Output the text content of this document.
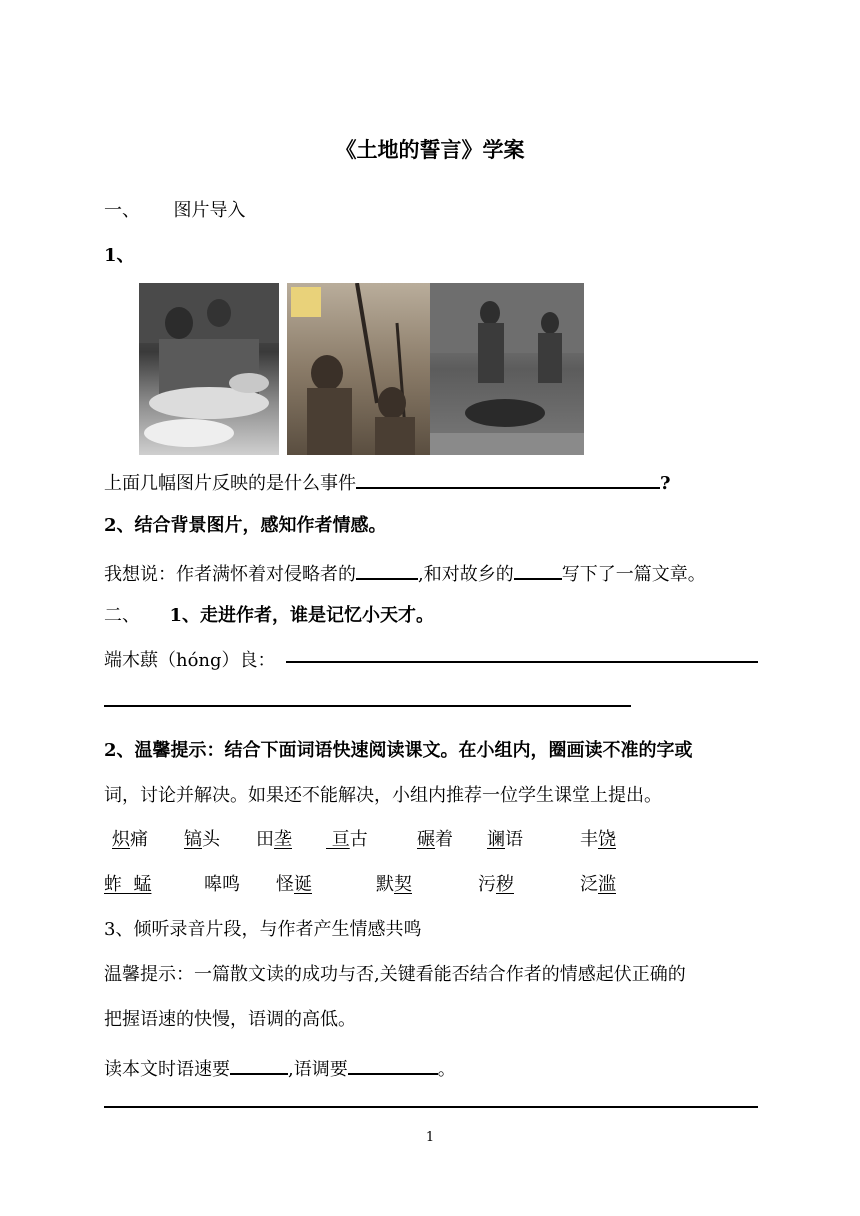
《土地的誓言》学案
一、 图片导入
1、
上面几幅图片反映的是什么事件	?
2、结合背景图片，感知作者情感。
我想说：作者满怀着对侵略者的	,和对故乡的	写下了一篇文章。
二、 1、走进作者，谁是记忆小天才。
端木蕻（hóng）良：
2、温馨提示：结合下面词语快速阅读课文。在小组内，圈画读不准的字或
词，讨论并解决。如果还不能解决，小组内推荐一位学生课堂上提出。
炽痛 镐头 田垄 亘古	碾着 谰语	丰饶
蚱  蜢	嗥鸣 怪诞	默契	污秽	泛滥
3、倾听录音片段，与作者产生情感共鸣
温馨提示：一篇散文读的成功与否,关键看能否结合作者的情感起伏正确的
把握语速的快慢，语调的高低。
读本文时语速要	,语调要	。
1
